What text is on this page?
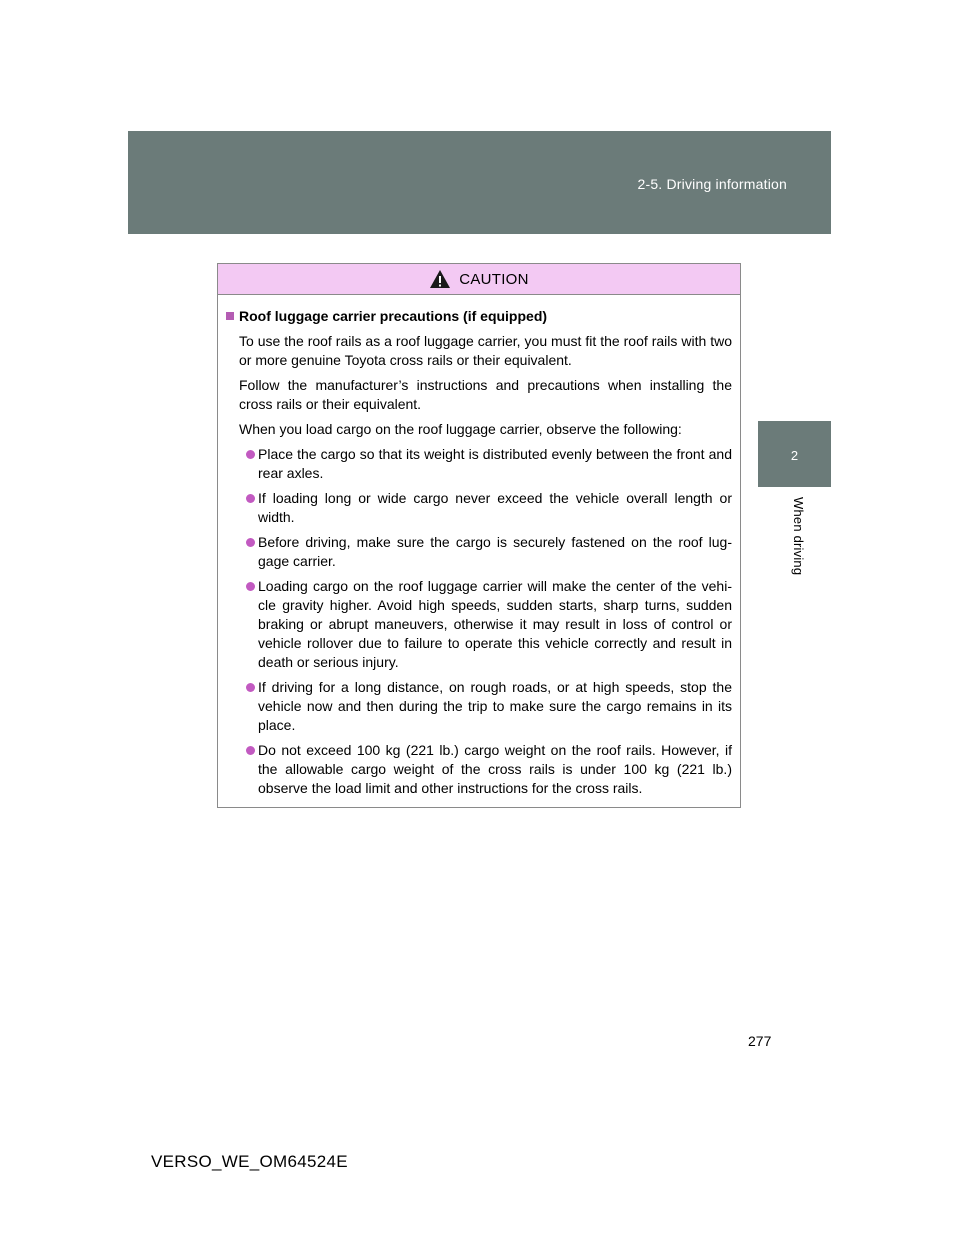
2-5. Driving information
2
When driving
CAUTION
Roof luggage carrier precautions (if equipped)

To use the roof rails as a roof luggage carrier, you must fit the roof rails with two or more genuine Toyota cross rails or their equivalent.

Follow the manufacturer’s instructions and precautions when installing the cross rails or their equivalent.

When you load cargo on the roof luggage carrier, observe the following:

Place the cargo so that its weight is distributed evenly between the front and rear axles.
If loading long or wide cargo never exceed the vehicle overall length or width.
Before driving, make sure the cargo is securely fastened on the roof lug-gage carrier.
Loading cargo on the roof luggage carrier will make the center of the vehi-cle gravity higher. Avoid high speeds, sudden starts, sharp turns, sudden braking or abrupt maneuvers, otherwise it may result in loss of control or vehicle rollover due to failure to operate this vehicle correctly and result in death or serious injury.
If driving for a long distance, on rough roads, or at high speeds, stop the vehicle now and then during the trip to make sure the cargo remains in its place.
Do not exceed 100 kg (221 lb.) cargo weight on the roof rails. However, if the allowable cargo weight of the cross rails is under 100 kg (221 lb.) observe the load limit and other instructions for the cross rails.
277
VERSO_WE_OM64524E
